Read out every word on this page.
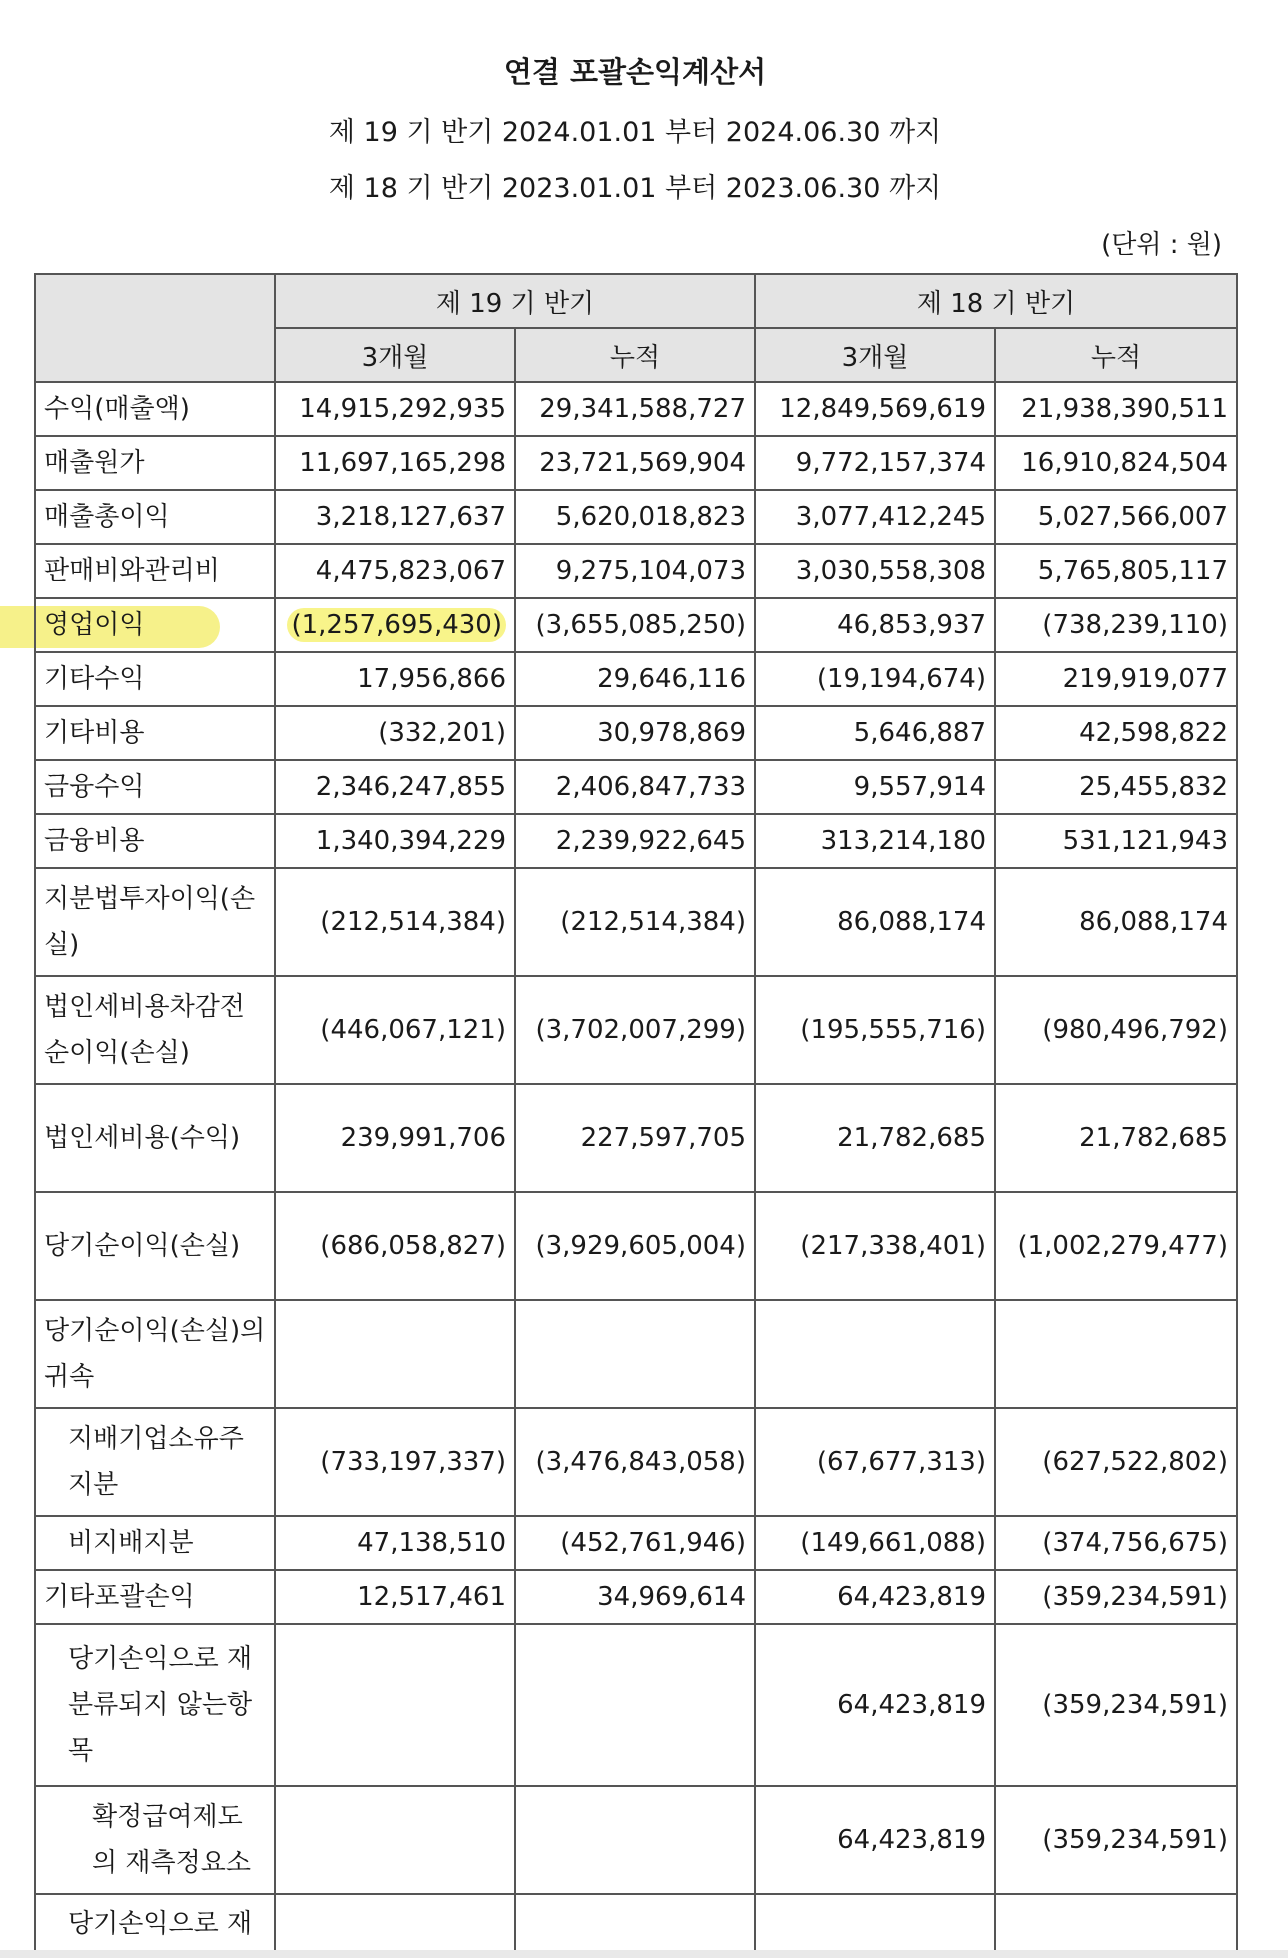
연결 포괄손익계산서
제 19 기 반기 2024.01.01 부터 2024.06.30 까지
제 18 기 반기 2023.01.01 부터 2023.06.30 까지
(단위 : 원)
	제 19 기 반기		제 18 기 반기	
	3개월	누적	3개월	누적
수익(매출액)	14,915,292,935	29,341,588,727	12,849,569,619	21,938,390,511
매출원가	11,697,165,298	23,721,569,904	9,772,157,374	16,910,824,504
매출총이익	3,218,127,637	5,620,018,823	3,077,412,245	5,027,566,007
판매비와관리비	4,475,823,067	9,275,104,073	3,030,558,308	5,765,805,117
영업이익	(1,257,695,430)	(3,655,085,250)	46,853,937	(738,239,110)
기타수익	17,956,866	29,646,116	(19,194,674)	219,919,077
기타비용	(332,201)	30,978,869	5,646,887	42,598,822
금융수익	2,346,247,855	2,406,847,733	9,557,914	25,455,832
금융비용	1,340,394,229	2,239,922,645	313,214,180	531,121,943
지분법투자이익(손실)	(212,514,384)	(212,514,384)	86,088,174	86,088,174
법인세비용차감전순이익(손실)	(446,067,121)	(3,702,007,299)	(195,555,716)	(980,496,792)
법인세비용(수익)	239,991,706	227,597,705	21,782,685	21,782,685
당기순이익(손실)	(686,058,827)	(3,929,605,004)	(217,338,401)	(1,002,279,477)
당기순이익(손실)의 귀속				
지배기업소유주지분	(733,197,337)	(3,476,843,058)	(67,677,313)	(627,522,802)
비지배지분	47,138,510	(452,761,946)	(149,661,088)	(374,756,675)
기타포괄손익	12,517,461	34,969,614	64,423,819	(359,234,591)
당기손익으로 재분류되지 않는항목			64,423,819	(359,234,591)
확정급여제도의 재측정요소			64,423,819	(359,234,591)
당기손익으로 재				
